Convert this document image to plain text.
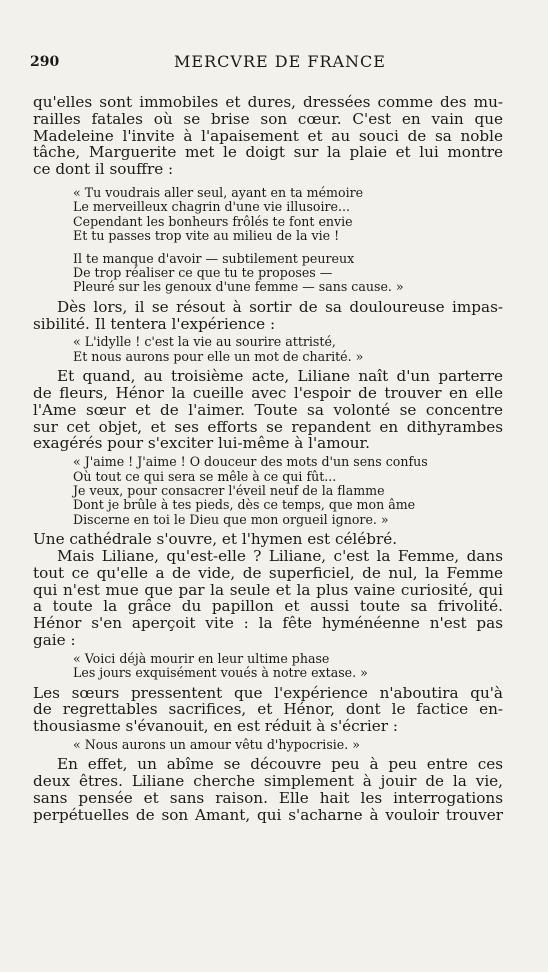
290	MERCVRE DE FRANCE
qu'elles sont immobiles et dures, dressées comme des mu-
railles fatales où se brise son cœur. C'est en vain que
Madeleine l'invite à l'apaisement et au souci de sa noble
tâche, Marguerite met le doigt sur la plaie et lui montre
ce dont il souffre :
« Tu voudrais aller seul, ayant en ta mémoire
Le merveilleux chagrin d'une vie illusoire...
Cependant les bonheurs frôlés te font envie
Et tu passes trop vite au milieu de la vie !
Il te manque d'avoir — subtilement peureux
De trop réaliser ce que tu te proposes —
Pleuré sur les genoux d'une femme — sans cause. »
Dès lors, il se résout à sortir de sa douloureuse impas-
sibilité. Il tentera l'expérience :
« L'idylle ! c'est la vie au sourire attristé,
Et nous aurons pour elle un mot de charité. »
Et quand, au troisième acte, Liliane naît d'un parterre
de fleurs, Hénor la cueille avec l'espoir de trouver en elle
l'Ame sœur et de l'aimer. Toute sa volonté se concentre
sur cet objet, et ses efforts se repandent en dithyrambes
exagérés pour s'exciter lui-même à l'amour.
« J'aime ! J'aime ! O douceur des mots d'un sens confus
Où tout ce qui sera se mêle à ce qui fût...
Je veux, pour consacrer l'éveil neuf de la flamme
Dont je brûle à tes pieds, dès ce temps, que mon âme
Discerne en toi le Dieu que mon orgueil ignore. »
Une cathédrale s'ouvre, et l'hymen est célébré.
Mais Liliane, qu'est-elle ? Liliane, c'est la Femme, dans
tout ce qu'elle a de vide, de superficiel, de nul, la Femme
qui n'est mue que par la seule et la plus vaine curiosité, qui
a toute la grâce du papillon et aussi toute sa frivolité.
Hénor s'en aperçoit vite : la fête hyménéenne n'est pas
gaie :
« Voici déjà mourir en leur ultime phase
Les jours exquisément voués à notre extase. »
Les sœurs pressentent que l'expérience n'aboutira qu'à
de regrettables sacrifices, et Hénor, dont le factice en-
thousiasme s'évanouit, en est réduit à s'écrier :
« Nous aurons un amour vêtu d'hypocrisie. »
En effet, un abîme se découvre peu à peu entre ces
deux êtres. Liliane cherche simplement à jouir de la vie,
sans pensée et sans raison. Elle hait les interrogations
perpétuelles de son Amant, qui s'acharne à vouloir trouver
